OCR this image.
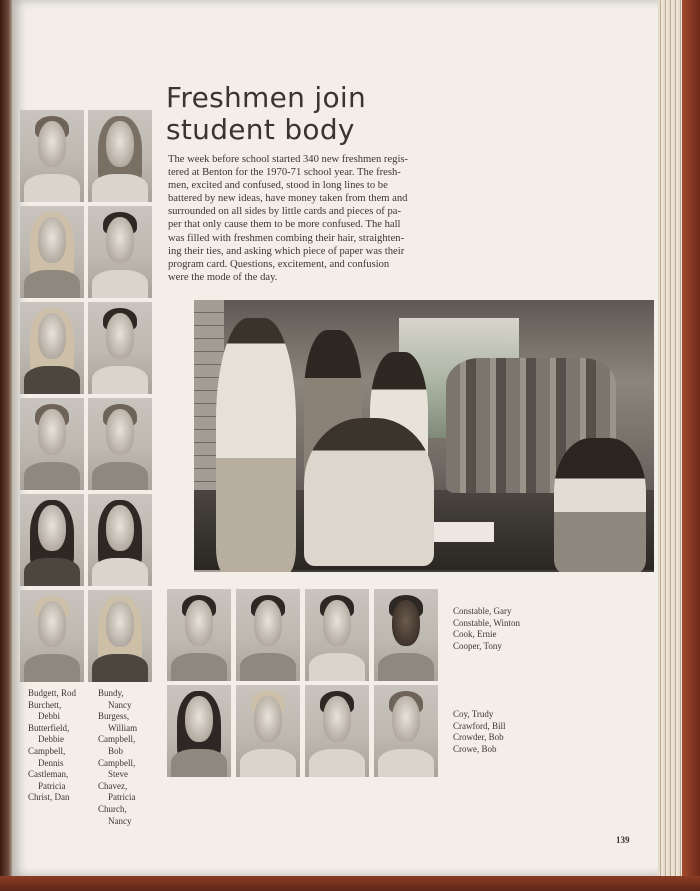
Freshmen join
student body
The week before school started 340 new freshmen regis-
tered at Benton for the 1970-71 school year. The fresh-
men, excited and confused, stood in long lines to be
battered by new ideas, have money taken from them and
surrounded on all sides by little cards and pieces of pa-
per that only cause them to be more confused. The hall
was filled with freshmen combing their hair, straighten-
ing their ties, and asking which piece of paper was their
program card. Questions, excitement, and confusion
were the mode of the day.
Budgett, Rod
Burchett,
Debbi
Butterfield,
Debbie
Campbell,
Dennis
Castleman,
Patricia
Christ, Dan
Bundy,
Nancy
Burgess,
William
Campbell,
Bob
Campbell,
Steve
Chavez,
Patricia
Church,
Nancy
Constable, Gary
Constable, Winton
Cook, Ernie
Cooper, Tony
Coy, Trudy
Crawford, Bill
Crowder, Bob
Crowe, Bob
139
